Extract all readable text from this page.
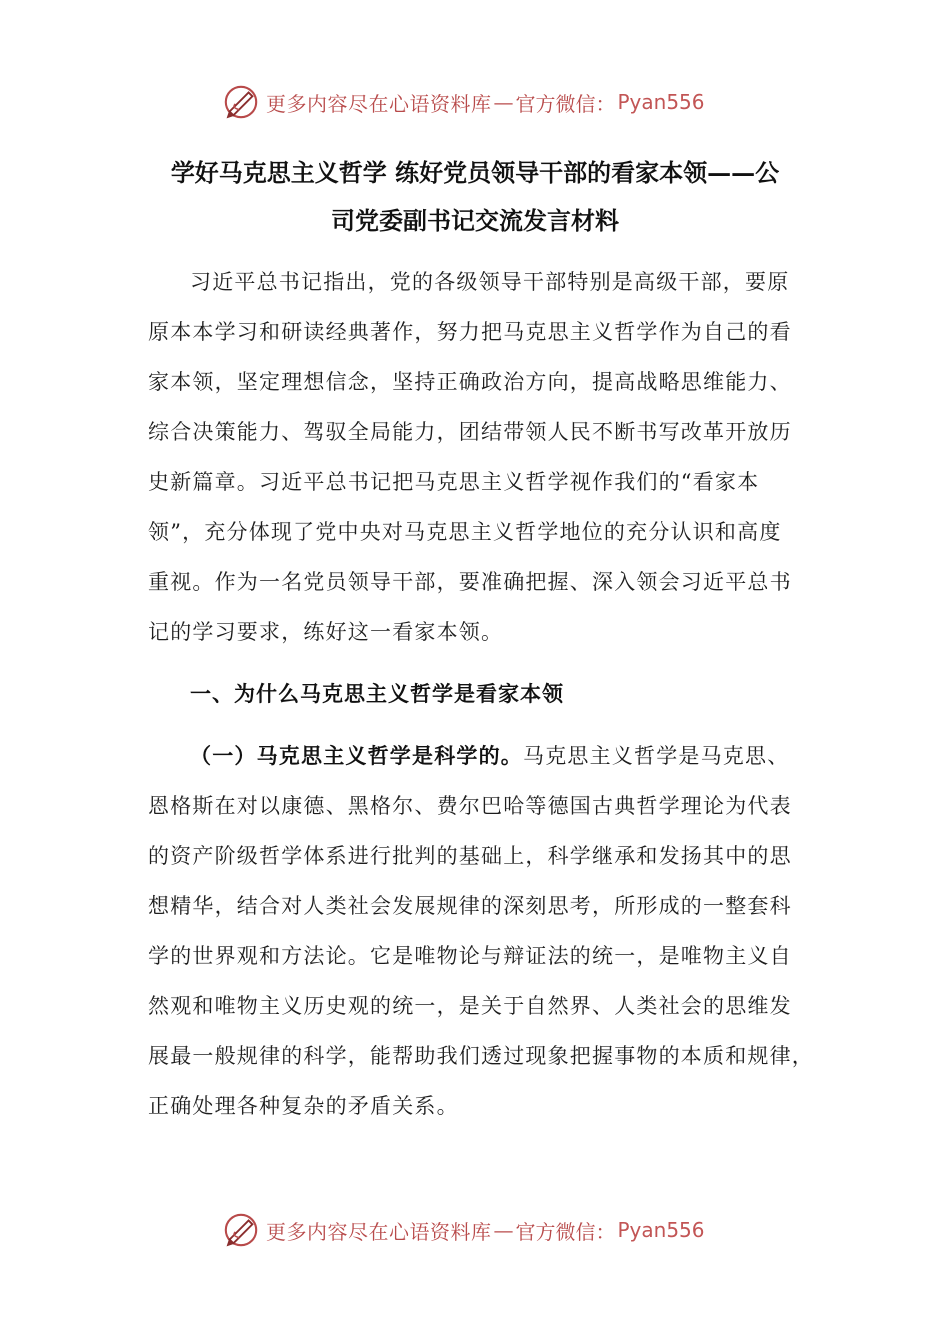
更多内容尽在心语资料库 — 官方微信： Pyan556
学好马克思主义哲学 练好党员领导干部的看家本领——公
司党委副书记交流发言材料
习近平总书记指出，党的各级领导干部特别是高级干部，要原
原本本学习和研读经典著作，努力把马克思主义哲学作为自己的看
家本领，坚定理想信念，坚持正确政治方向，提高战略思维能力、
综合决策能力、驾驭全局能力，团结带领人民不断书写改革开放历
史新篇章。习近平总书记把马克思主义哲学视作我们的“看家本
领”，充分体现了党中央对马克思主义哲学地位的充分认识和高度
重视。作为一名党员领导干部，要准确把握、深入领会习近平总书
记的学习要求，练好这一看家本领。
一、为什么马克思主义哲学是看家本领
（一）马克思主义哲学是科学的。马克思主义哲学是马克思、
恩格斯在对以康德、黑格尔、费尔巴哈等德国古典哲学理论为代表
的资产阶级哲学体系进行批判的基础上，科学继承和发扬其中的思
想精华，结合对人类社会发展规律的深刻思考，所形成的一整套科
学的世界观和方法论。它是唯物论与辩证法的统一，是唯物主义自
然观和唯物主义历史观的统一，是关于自然界、人类社会的思维发
展最一般规律的科学，能帮助我们透过现象把握事物的本质和规律，
正确处理各种复杂的矛盾关系。
更多内容尽在心语资料库 — 官方微信： Pyan556
